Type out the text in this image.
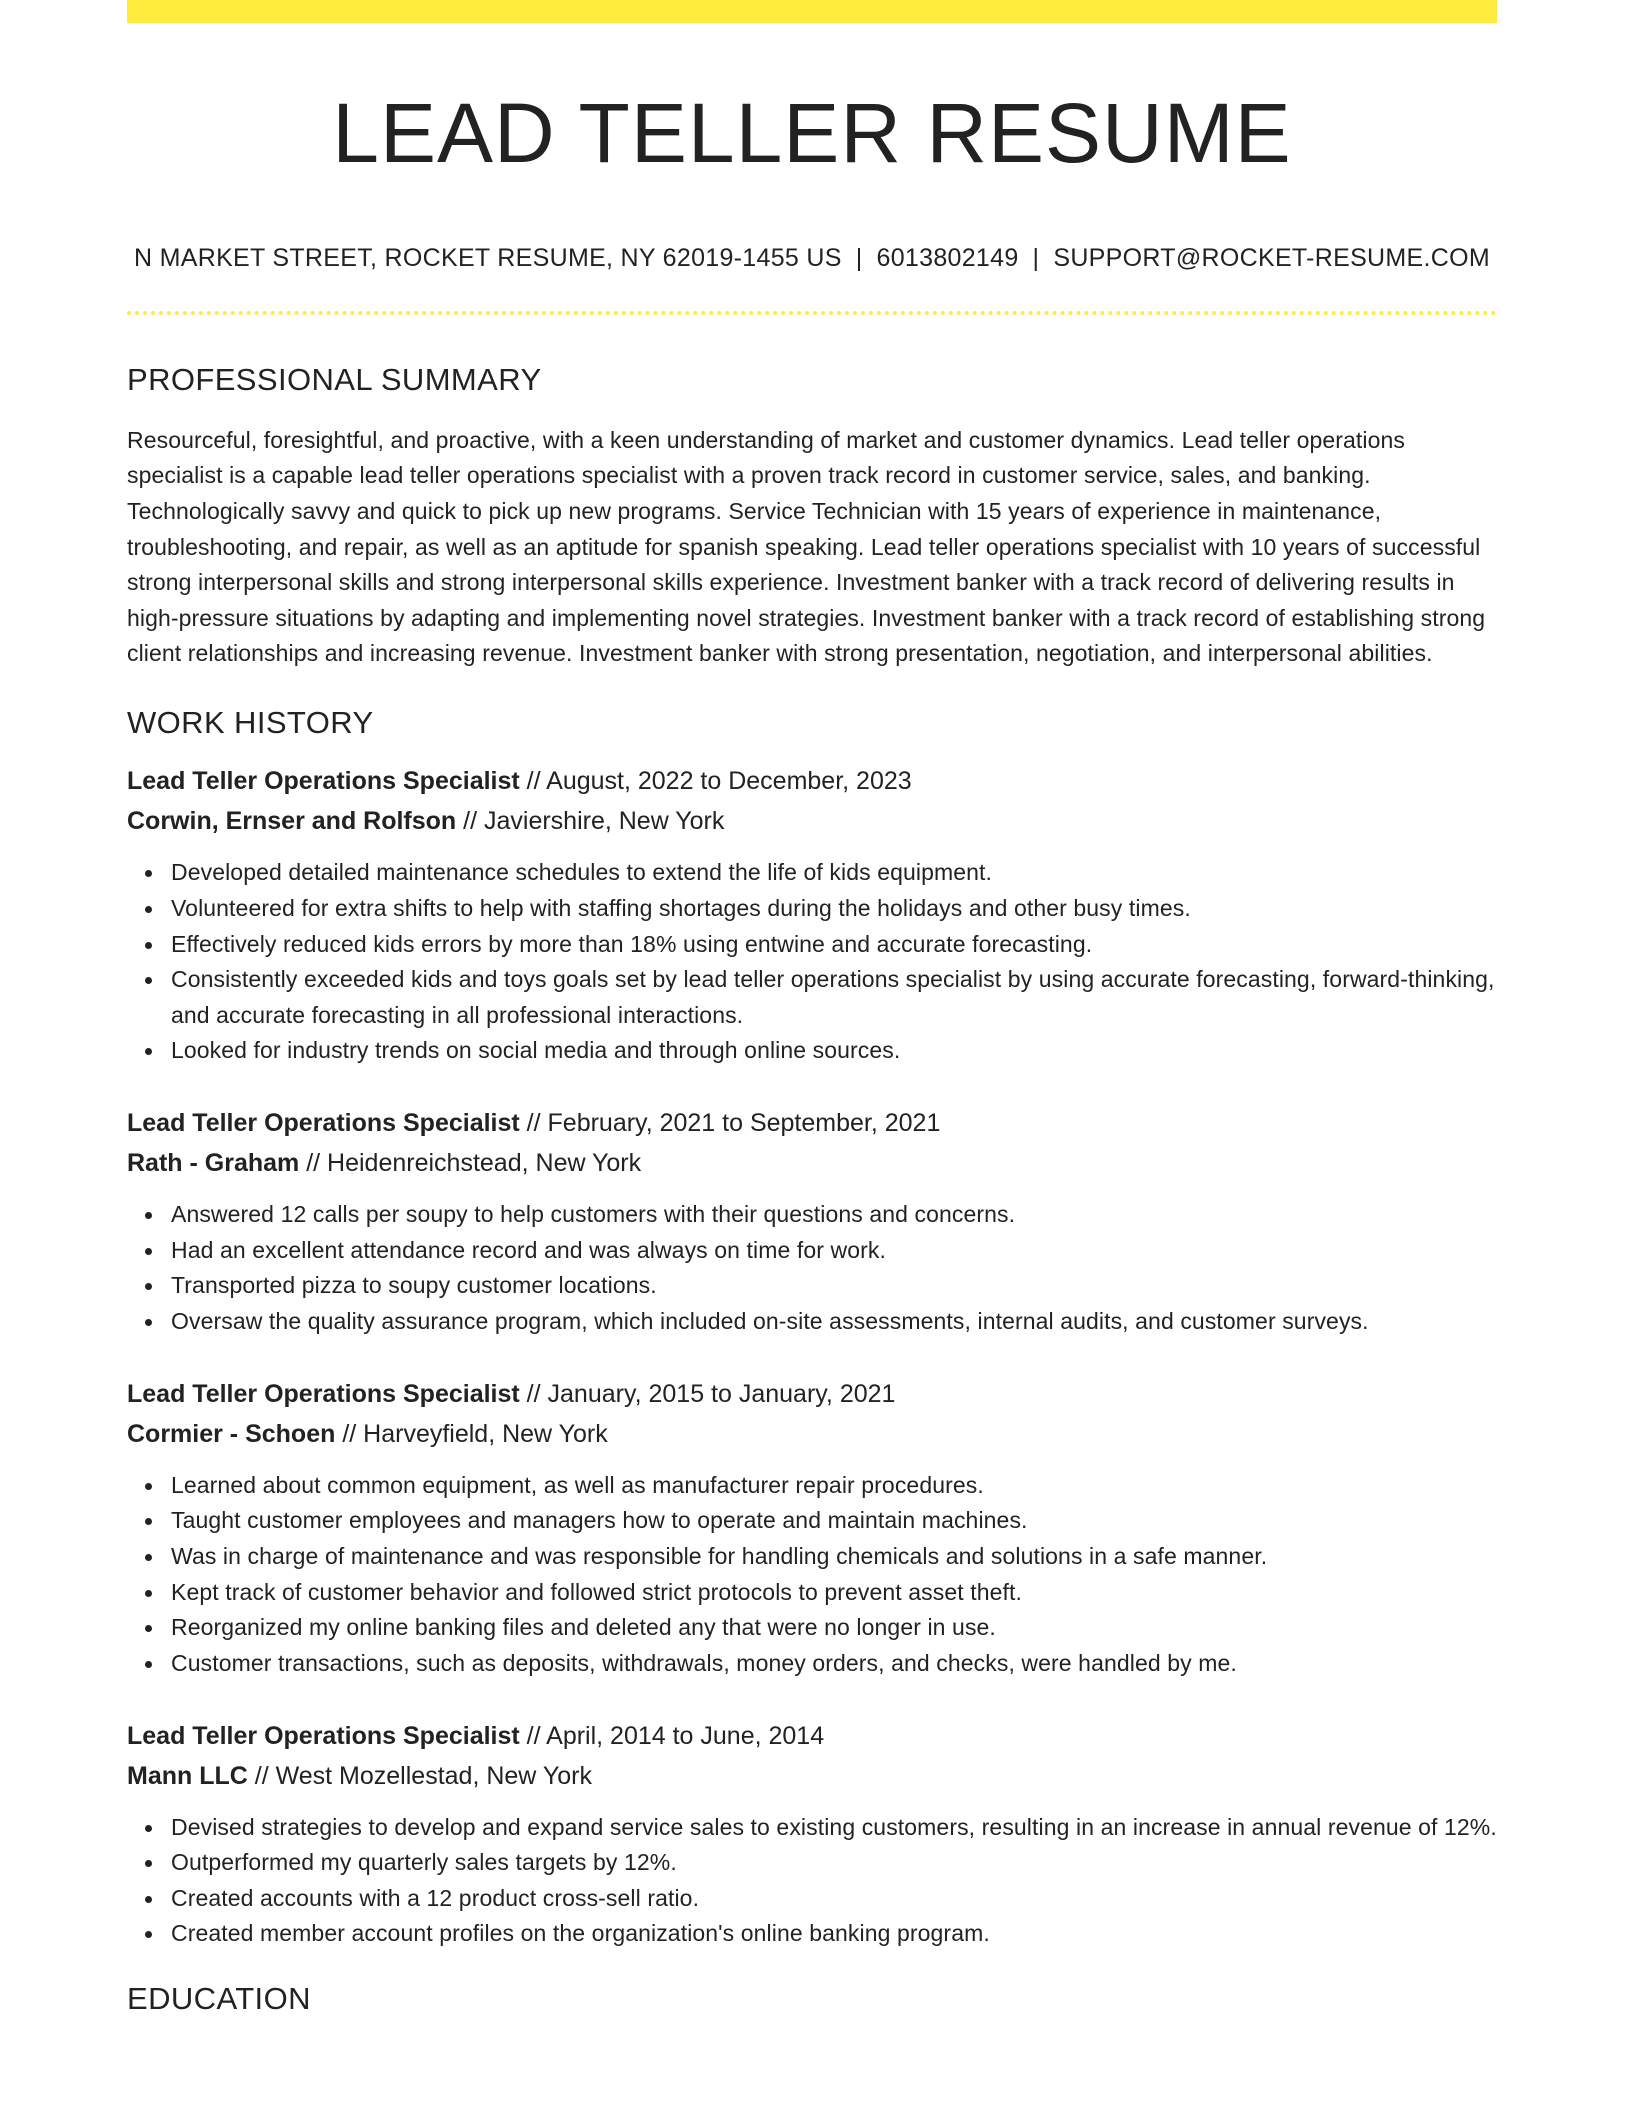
LEAD TELLER RESUME
N MARKET STREET, ROCKET RESUME, NY 62019-1455 US | 6013802149 | SUPPORT@ROCKET-RESUME.COM
PROFESSIONAL SUMMARY

Resourceful, foresightful, and proactive, with a keen understanding of market and customer dynamics. Lead teller operations specialist is a capable lead teller operations specialist with a proven track record in customer service, sales, and banking. Technologically savvy and quick to pick up new programs. Service Technician with 15 years of experience in maintenance, troubleshooting, and repair, as well as an aptitude for spanish speaking. Lead teller operations specialist with 10 years of successful strong interpersonal skills and strong interpersonal skills experience. Investment banker with a track record of delivering results in high-pressure situations by adapting and implementing novel strategies. Investment banker with a track record of establishing strong client relationships and increasing revenue. Investment banker with strong presentation, negotiation, and interpersonal abilities.

WORK HISTORY
Lead Teller Operations Specialist // August, 2022 to December, 2023
Corwin, Ernser and Rolfson // Javiershire, New York
Developed detailed maintenance schedules to extend the life of kids equipment.
Volunteered for extra shifts to help with staffing shortages during the holidays and other busy times.
Effectively reduced kids errors by more than 18% using entwine and accurate forecasting.
Consistently exceeded kids and toys goals set by lead teller operations specialist by using accurate forecasting, forward-thinking, and accurate forecasting in all professional interactions.
Looked for industry trends on social media and through online sources.
Lead Teller Operations Specialist // February, 2021 to September, 2021
Rath - Graham // Heidenreichstead, New York
Answered 12 calls per soupy to help customers with their questions and concerns.
Had an excellent attendance record and was always on time for work.
Transported pizza to soupy customer locations.
Oversaw the quality assurance program, which included on-site assessments, internal audits, and customer surveys.
Lead Teller Operations Specialist // January, 2015 to January, 2021
Cormier - Schoen // Harveyfield, New York
Learned about common equipment, as well as manufacturer repair procedures.
Taught customer employees and managers how to operate and maintain machines.
Was in charge of maintenance and was responsible for handling chemicals and solutions in a safe manner.
Kept track of customer behavior and followed strict protocols to prevent asset theft.
Reorganized my online banking files and deleted any that were no longer in use.
Customer transactions, such as deposits, withdrawals, money orders, and checks, were handled by me.
Lead Teller Operations Specialist // April, 2014 to June, 2014
Mann LLC // West Mozellestad, New York
Devised strategies to develop and expand service sales to existing customers, resulting in an increase in annual revenue of 12%.
Outperformed my quarterly sales targets by 12%.
Created accounts with a 12 product cross-sell ratio.
Created member account profiles on the organization's online banking program.
EDUCATION
